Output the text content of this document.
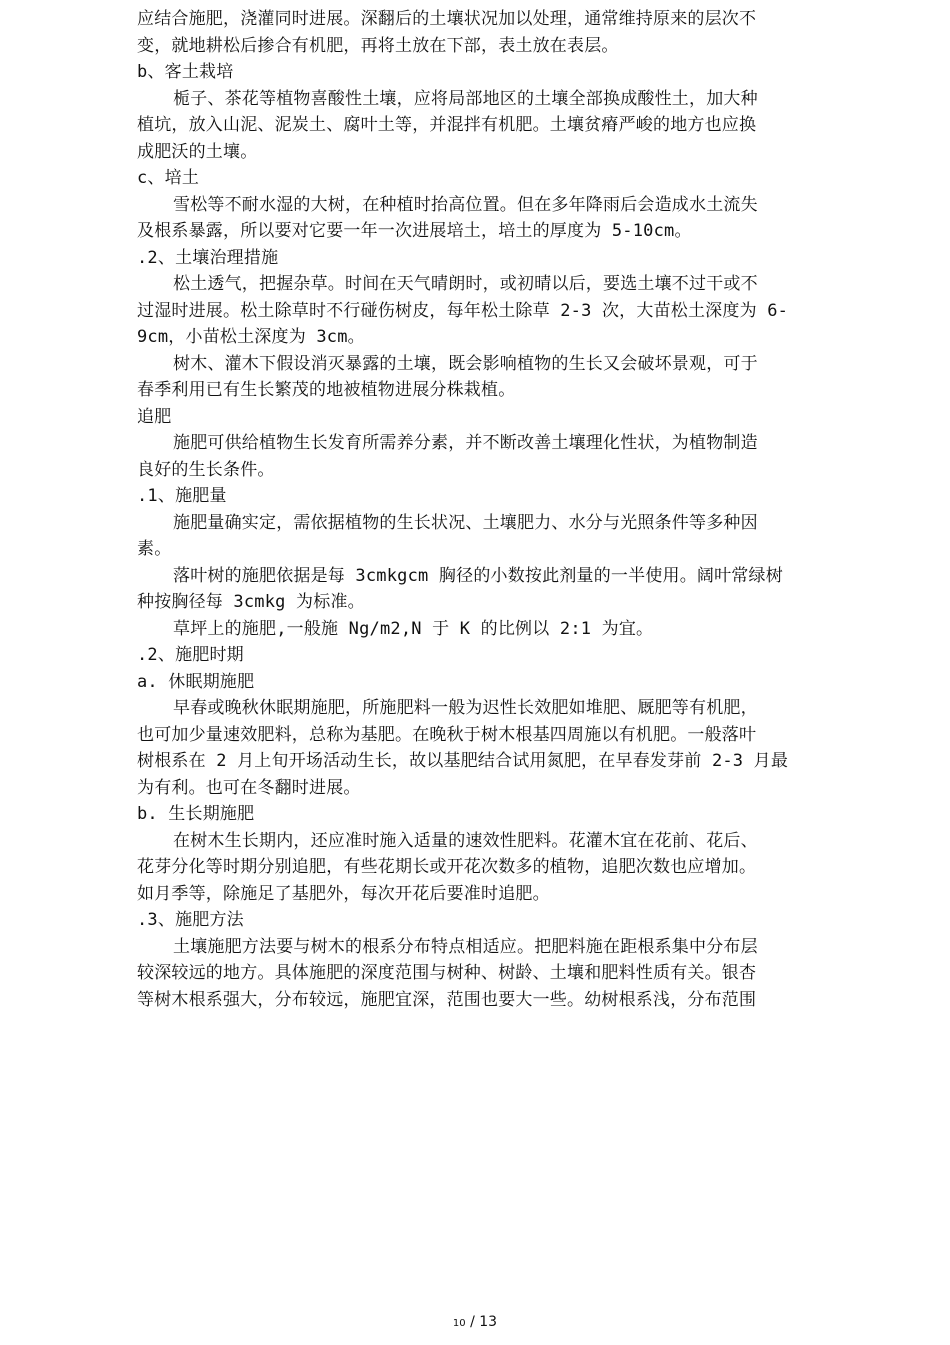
应结合施肥，浇灌同时进展。深翻后的土壤状况加以处理，通常维持原来的层次不
变，就地耕松后掺合有机肥，再将土放在下部，表土放在表层。
b、客土栽培
栀子、茶花等植物喜酸性土壤，应将局部地区的土壤全部换成酸性土，加大种
植坑，放入山泥、泥炭土、腐叶土等，并混拌有机肥。土壤贫瘠严峻的地方也应换
成肥沃的土壤。
c、培土
雪松等不耐水湿的大树，在种植时抬高位置。但在多年降雨后会造成水土流失
及根系暴露，所以要对它要一年一次进展培土，培土的厚度为 5-10cm。
.2、土壤治理措施
松土透气，把握杂草。时间在天气晴朗时，或初晴以后，要选土壤不过干或不
过湿时进展。松土除草时不行碰伤树皮，每年松土除草 2-3 次，大苗松土深度为 6-
9cm，小苗松土深度为 3cm。
树木、灌木下假设消灭暴露的土壤，既会影响植物的生长又会破坏景观，可于
春季利用已有生长繁茂的地被植物进展分株栽植。
追肥
施肥可供给植物生长发育所需养分素，并不断改善土壤理化性状，为植物制造
良好的生长条件。
.1、施肥量
施肥量确实定，需依据植物的生长状况、土壤肥力、水分与光照条件等多种因
素。
落叶树的施肥依据是每 3cmkgcm 胸径的小数按此剂量的一半使用。阔叶常绿树
种按胸径每 3cmkg 为标准。
草坪上的施肥,一般施 Ng/m2,N 于 K 的比例以 2:1 为宜。
.2、施肥时期
a. 休眠期施肥
早春或晚秋休眠期施肥，所施肥料一般为迟性长效肥如堆肥、厩肥等有机肥，
也可加少量速效肥料，总称为基肥。在晚秋于树木根基四周施以有机肥。一般落叶
树根系在 2 月上旬开场活动生长，故以基肥结合试用氮肥，在早春发芽前 2-3 月最
为有利。也可在冬翻时进展。
b. 生长期施肥
在树木生长期内，还应准时施入适量的速效性肥料。花灌木宜在花前、花后、
花芽分化等时期分别追肥，有些花期长或开花次数多的植物，追肥次数也应增加。
如月季等，除施足了基肥外，每次开花后要准时追肥。
.3、施肥方法
土壤施肥方法要与树木的根系分布特点相适应。把肥料施在距根系集中分布层
较深较远的地方。具体施肥的深度范围与树种、树龄、土壤和肥料性质有关。银杏
等树木根系强大，分布较远，施肥宜深，范围也要大一些。幼树根系浅，分布范围
10 / 13
